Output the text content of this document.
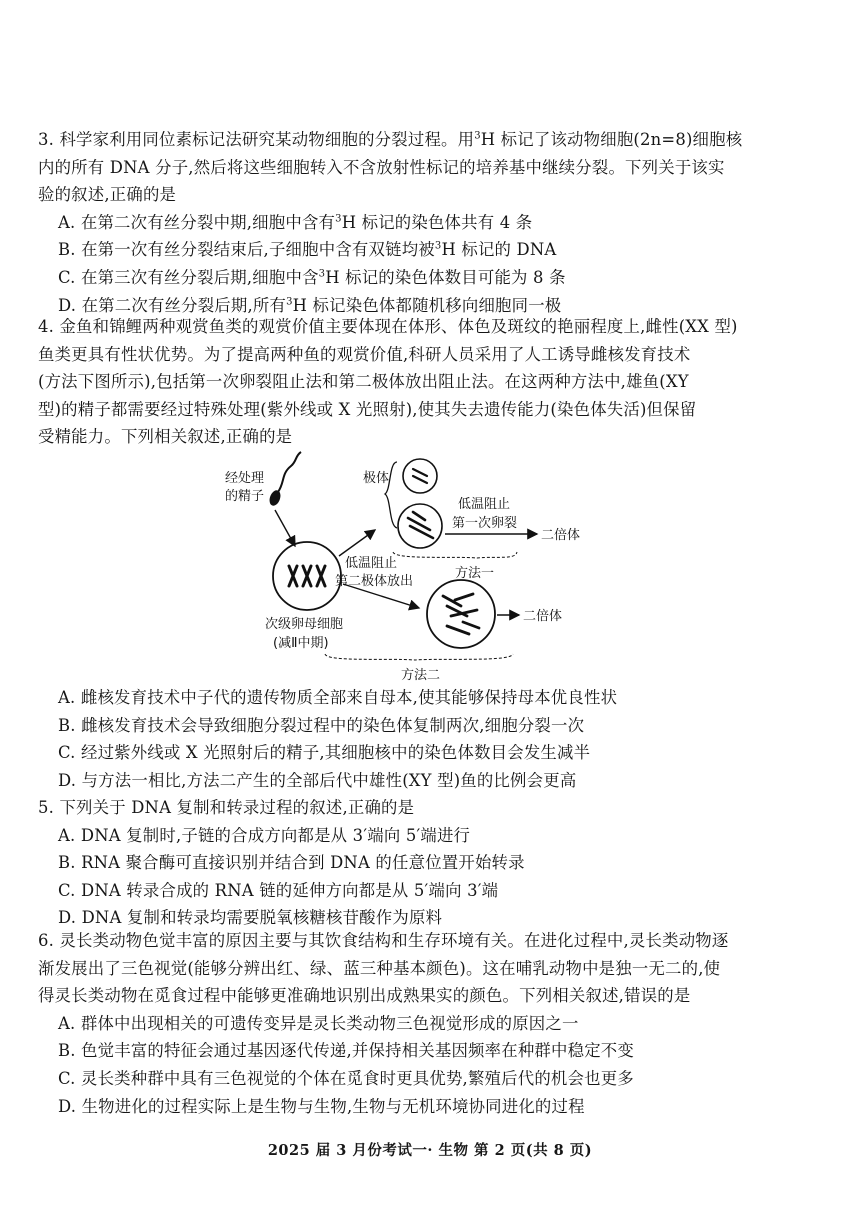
3. 科学家利用同位素标记法研究某动物细胞的分裂过程。用$^3$H 标记了该动物细胞(2n=8)细胞核
内的所有 DNA 分子,然后将这些细胞转入不含放射性标记的培养基中继续分裂。下列关于该实
验的叙述,正确的是

A. 在第二次有丝分裂中期,细胞中含有$^3$H 标记的染色体共有 4 条

B. 在第一次有丝分裂结束后,子细胞中含有双链均被$^3$H 标记的 DNA

C. 在第三次有丝分裂后期,细胞中含$^3$H 标记的染色体数目可能为 8 条

D. 在第二次有丝分裂后期,所有$^3$H 标记染色体都随机移向细胞同一极

4. 金鱼和锦鲤两种观赏鱼类的观赏价值主要体现在体形、体色及斑纹的艳丽程度上,雌性(XX 型)
鱼类更具有性状优势。为了提高两种鱼的观赏价值,科研人员采用了人工诱导雌核发育技术
(方法下图所示),包括第一次卵裂阻止法和第二极体放出阻止法。在这两种方法中,雄鱼(XY
型)的精子都需要经过特殊处理(紫外线或 X 光照射),使其失去遗传能力(染色体失活)但保留
受精能力。下列相关叙述,正确的是

经处理
的精子
次级卵母细胞
(减Ⅱ中期)
极体
低温阻止
第一次卵裂
二倍体
方法一
低温阻止
第二极体放出
二倍体
方法二

A. 雌核发育技术中子代的遗传物质全部来自母本,使其能够保持母本优良性状

B. 雌核发育技术会导致细胞分裂过程中的染色体复制两次,细胞分裂一次

C. 经过紫外线或 X 光照射后的精子,其细胞核中的染色体数目会发生减半

D. 与方法一相比,方法二产生的全部后代中雄性(XY 型)鱼的比例会更高

5. 下列关于 DNA 复制和转录过程的叙述,正确的是

A. DNA 复制时,子链的合成方向都是从 3′端向 5′端进行

B. RNA 聚合酶可直接识别并结合到 DNA 的任意位置开始转录

C. DNA 转录合成的 RNA 链的延伸方向都是从 5′端向 3′端

D. DNA 复制和转录均需要脱氧核糖核苷酸作为原料

6. 灵长类动物色觉丰富的原因主要与其饮食结构和生存环境有关。在进化过程中,灵长类动物逐
渐发展出了三色视觉(能够分辨出红、绿、蓝三种基本颜色)。这在哺乳动物中是独一无二的,使
得灵长类动物在觅食过程中能够更准确地识别出成熟果实的颜色。下列相关叙述,错误的是

A. 群体中出现相关的可遗传变异是灵长类动物三色视觉形成的原因之一

B. 色觉丰富的特征会通过基因逐代传递,并保持相关基因频率在种群中稳定不变

C. 灵长类种群中具有三色视觉的个体在觅食时更具优势,繁殖后代的机会也更多

D. 生物进化的过程实际上是生物与生物,生物与无机环境协同进化的过程

2025 届 3 月份考试一· 生物 第 2 页(共 8 页)
